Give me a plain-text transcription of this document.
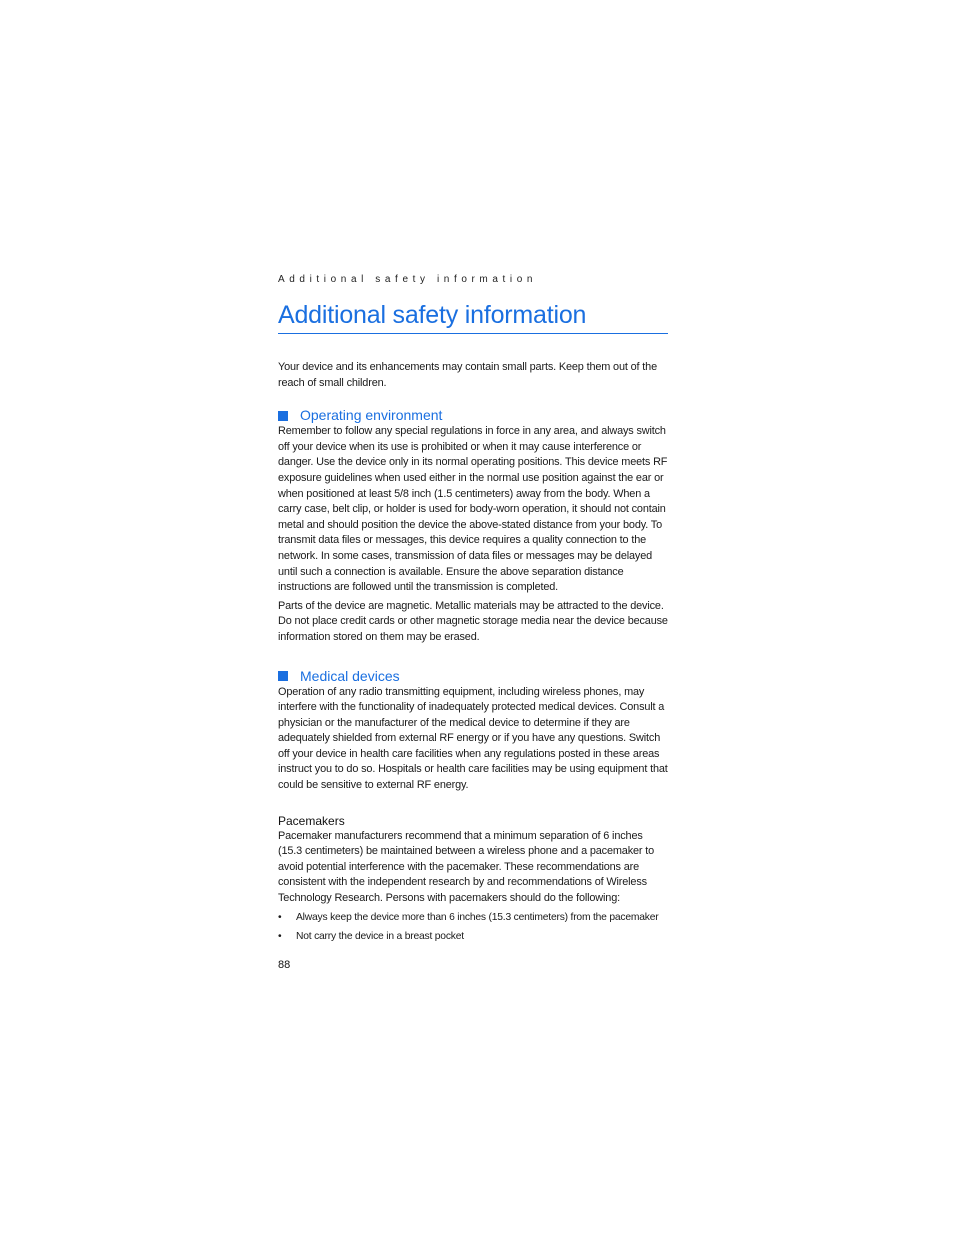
Additional safety information
Additional safety information

Your device and its enhancements may contain small parts. Keep them out of the reach of small children.

Operating environment

Remember to follow any special regulations in force in any area, and always switch off your device when its use is prohibited or when it may cause interference or danger. Use the device only in its normal operating positions. This device meets RF exposure guidelines when used either in the normal use position against the ear or when positioned at least 5/8 inch (1.5 centimeters) away from the body. When a carry case, belt clip, or holder is used for body-worn operation, it should not contain metal and should position the device the above-stated distance from your body. To transmit data files or messages, this device requires a quality connection to the network. In some cases, transmission of data files or messages may be delayed until such a connection is available. Ensure the above separation distance instructions are followed until the transmission is completed.

Parts of the device are magnetic. Metallic materials may be attracted to the device. Do not place credit cards or other magnetic storage media near the device because information stored on them may be erased.

Medical devices

Operation of any radio transmitting equipment, including wireless phones, may interfere with the functionality of inadequately protected medical devices. Consult a physician or the manufacturer of the medical device to determine if they are adequately shielded from external RF energy or if you have any questions. Switch off your device in health care facilities when any regulations posted in these areas instruct you to do so. Hospitals or health care facilities may be using equipment that could be sensitive to external RF energy.

Pacemakers

Pacemaker manufacturers recommend that a minimum separation of 6 inches (15.3 centimeters) be maintained between a wireless phone and a pacemaker to avoid potential interference with the pacemaker. These recommendations are consistent with the independent research by and recommendations of Wireless Technology Research. Persons with pacemakers should do the following:

• Always keep the device more than 6 inches (15.3 centimeters) from the pacemaker
• Not carry the device in a breast pocket
88
